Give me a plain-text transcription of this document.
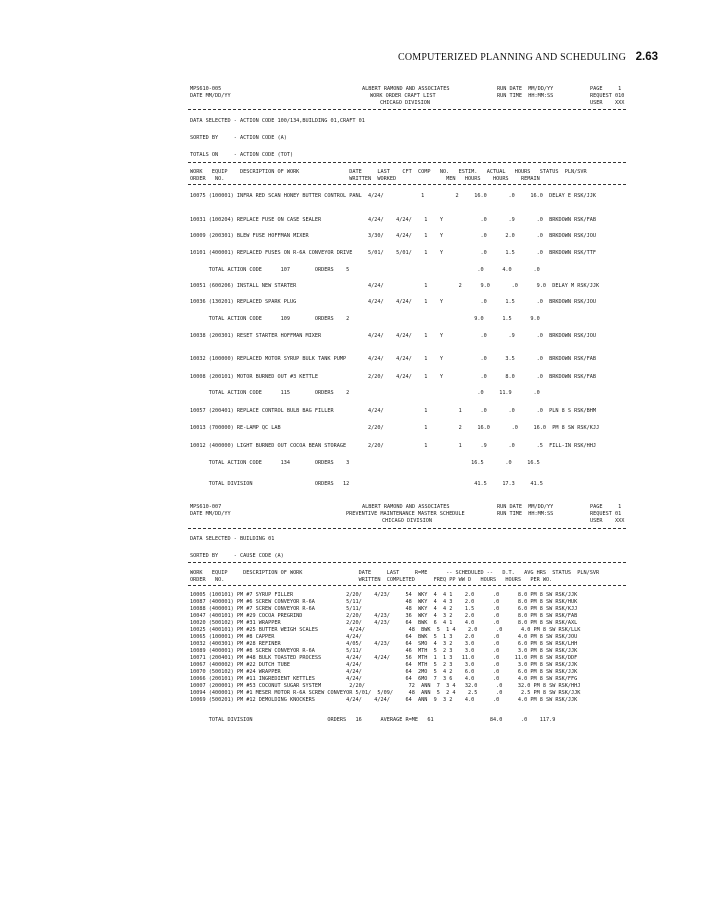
COMPUTERIZED PLANNING AND SCHEDULING 2.63
MPS610-005
DATE MM/DD/YY
ALBERT RAMOND AND ASSOCIATES
WORK ORDER CRAFT LIST
CHICAGO DIVISION
RUN DATE  MM/DD/YY
RUN TIME  HH:MM:SS
PAGE     1
REQUEST 010
USER    XXX
DATA SELECTED - ACTION CODE 100/134,BUILDING 01,CRAFT 01
SORTED BY     - ACTION CODE (A)
TOTALS ON     - ACTION CODE (TOT)
WORK   EQUIP    DESCRIPTION OF WORK                DATE     LAST    CFT  COMP   NO.   ESTIM.   ACTUAL   HOURS   STATUS  PLN/SVR
ORDER   NO.                                        WRITTEN  WORKED                MEN   HOURS    HOURS    REMAIN
10075 (100001) INFRA RED SCAN HONEY BUTTER CONTROL PANL  4/24/            1          2     16.0       .0     16.0  DELAY E RSK/JJK
10031 (100204) REPLACE FUSE ON CASE SEALER               4/24/    4/24/    1    Y            .0       .9       .0  BRKDOWN RSK/FAB
10009 (200301) BLEW FUSE HOFFMAN MIXER                   3/30/    4/24/    1    Y            .0      2.0       .0  BRKDOWN RSK/JOU
10101 (400001) REPLACED FUSES ON R-6A CONVEYOR DRIVE     5/01/    5/01/    1    Y            .0      1.5       .0  BRKDOWN RSK/TTF
TOTAL ACTION CODE      107        ORDERS    5                                         .0      4.0       .0
10051 (600206) INSTALL NEW STARTER                       4/24/             1          2      9.0       .0      9.0  DELAY M RSK/JJK
10036 (130201) REPLACED SPARK PLUG                       4/24/    4/24/    1    Y            .0      1.5       .0  BRKDOWN RSK/JOU
TOTAL ACTION CODE      109        ORDERS    2                                        9.0      1.5      9.0
10038 (200301) RESET STARTER HOFFMAN MIXER               4/24/    4/24/    1    Y            .0       .9       .0  BRKDOWN RSK/JOU
10032 (100000) REPLACED MOTOR SYRUP BULK TANK PUMP       4/24/    4/24/    1    Y            .0      3.5       .0  BRKDOWN RSK/FAB
10008 (200101) MOTOR BURNED OUT #3 KETTLE                2/20/    4/24/    1    Y            .0      8.0       .0  BRKDOWN RSK/FAB
TOTAL ACTION CODE      115        ORDERS    2                                         .0     11.9       .0
10057 (200401) REPLACE CONTROL BULB BAG FILLER           4/24/             1          1      .0       .0       .0  PLN 8 S RSK/BHM
10013 (700000) RE-LAMP QC LAB                            2/20/             1          2     16.0       .0     16.0  PM 8 SW RSK/KJJ
10012 (400000) LIGHT BURNED OUT COCOA BEAN STORAGE       2/20/             1          1      .9       .0       .5  FILL-IN RSK/HHJ
TOTAL ACTION CODE      134        ORDERS    3                                       16.5       .0     16.5
TOTAL DIVISION                    ORDERS   12                                        41.5     17.3     41.5
MPS610-007
DATE MM/DD/YY
ALBERT RAMOND AND ASSOCIATES
PREVENTIVE MAINTENANCE MASTER SCHEDULE
CHICAGO DIVISION
RUN DATE  MM/DD/YY
RUN TIME  HH:MM:SS
PAGE     1
REQUEST 01
USER    XXX
DATA SELECTED - BUILDING 01
SORTED BY     - CAUSE CODE (A)
WORK   EQUIP     DESCRIPTION OF WORK                  DATE     LAST     R=ME      -- SCHEDULED --   D.T.   AVG HRS  STATUS  PLN/SVR
ORDER   NO.                                           WRITTEN  COMPLETED      FREQ PP WW D   HOURS   HOURS   PER WO.
10005 (100101) PM #7 SYRUP FILLER                 2/20/    4/23/     54  WKY  4  4 1    2.0      .0      8.0 PM 8 SW RSK/JJK
10087 (400001) PM #6 SCREW CONVEYOR R-6A          5/11/              48  WKY  4  4 3    2.0      .0      8.0 PM 8 SW RSK/HUK
10088 (400001) PM #7 SCREW CONVEYOR R-6A          5/11/              48  WKY  4  4 2    1.5      .0      6.0 PM 8 SW RSK/KJJ
10047 (400101) PM #29 COCOA PREGRIND              2/20/    4/23/     36  WKY  4  3 2    2.0      .0      8.0 PM 8 SW RSK/FAB
10020 (500102) PM #31 WRAPPER                     2/20/    4/23/     64  BWK  6  4 1    4.0      .0      8.0 PM 8 SW RSK/AXL
10025 (400101) PM #25 BUTTER WEIGH SCALES          4/24/              48  BWK  5  1 4    2.0      .0      4.0 PM 8 SW RSK/LLK
10065 (100001) PM #8 CAPPER                       4/24/              64  BWK  5  1 3    2.0      .0      4.0 PM 8 SW RSK/JOU
10032 (400301) PM #28 REFINER                     4/05/    4/23/     64  SMO  4  3 2    3.0      .0      6.0 PM 8 SW RSK/LHH
10089 (400001) PM #8 SCREW CONVEYOR R-6A          5/11/              46  MTH  5  2 3    3.0      .0      3.0 PM 8 SW RSK/JJK
10071 (200401) PM #48 BULK TOASTED PROCESS        4/24/    4/24/     56  MTH  1  1 3   11.0      .0     11.0 PM 8 SW RSK/DDF
10067 (400002) PM #22 DUTCH TUBE                  4/24/              64  MTH  5  2 3    3.0      .0      3.0 PM 8 SW RSK/JJK
10070 (500102) PM #24 WRAPPER                     4/24/              64  2MO  5  4 2    6.0      .0      6.0 PM 8 SW RSK/JJK
10066 (200101) PM #11 INGREDIENT KETTLES          4/24/              64  6MO  7  3 6    4.0      .0      4.0 PM 8 SW RSK/FFG
10007 (200001) PM #53 COCONUT SUGAR SYSTEM         2/20/              72  ANN  7  3 4   32.0      .0     32.0 PM 8 SW RSK/HHJ
10094 (400001) PM #1 MESER MOTOR R-6A SCREW CONVEYOR 5/01/  5/09/     48  ANN  5  2 4    2.5      .0      2.5 PM 8 SW RSK/JJK
10069 (500201) PM #12 DEMOLDING KNOCKERS          4/24/    4/24/     64  ANN  9  3 2    4.0      .0      4.0 PM 8 SW RSK/JJK
TOTAL DIVISION                        ORDERS   16      AVERAGE R=ME   61                  84.0      .0    117.9
